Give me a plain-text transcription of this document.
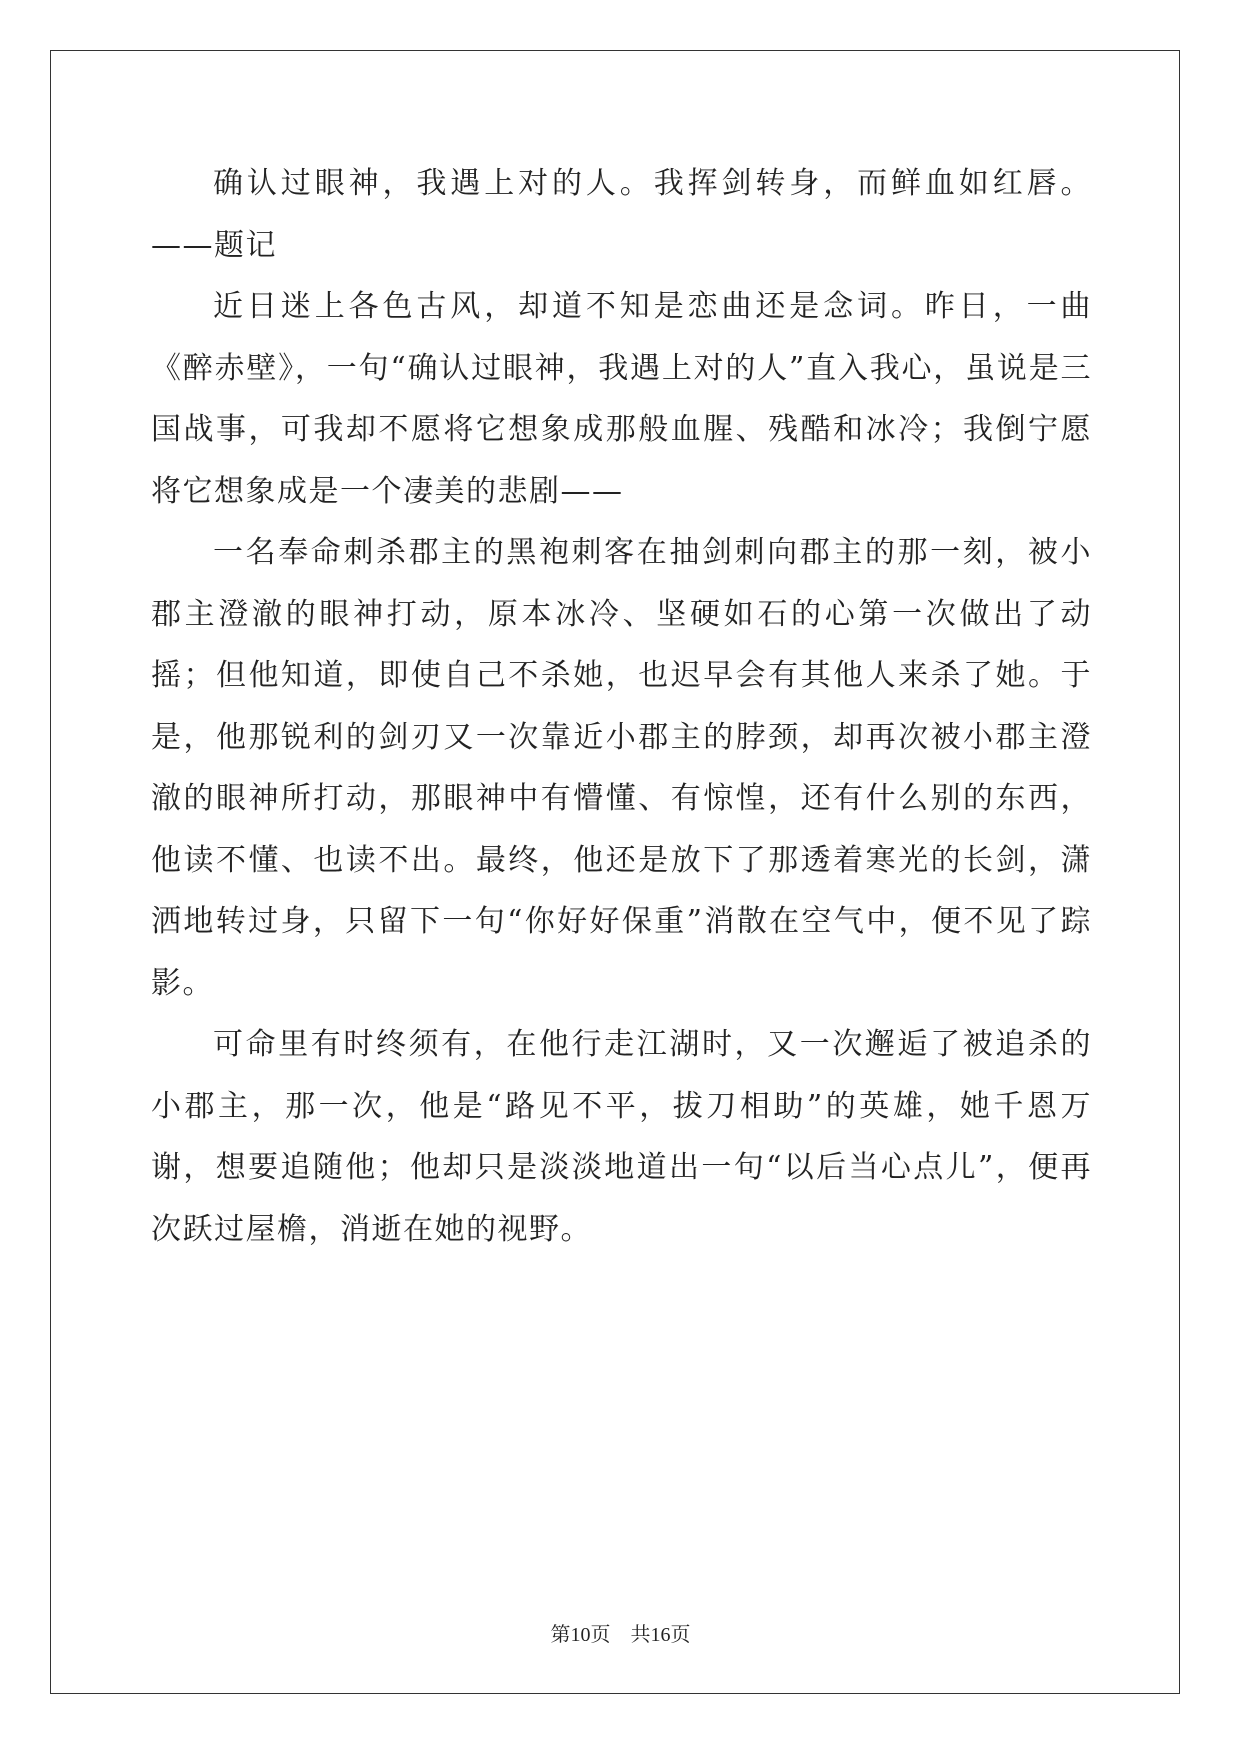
确认过眼神，我遇上对的人。我挥剑转身，而鲜血如红唇。——题记

近日迷上各色古风，却道不知是恋曲还是念词。昨日，一曲《醉赤壁》，一句“确认过眼神，我遇上对的人”直入我心，虽说是三国战事，可我却不愿将它想象成那般血腥、残酷和冰冷；我倒宁愿将它想象成是一个凄美的悲剧——

一名奉命刺杀郡主的黑袍刺客在抽剑刺向郡主的那一刻，被小郡主澄澈的眼神打动，原本冰冷、坚硬如石的心第一次做出了动摇；但他知道，即使自己不杀她，也迟早会有其他人来杀了她。于是，他那锐利的剑刃又一次靠近小郡主的脖颈，却再次被小郡主澄澈的眼神所打动，那眼神中有懵懂、有惊惶，还有什么别的东西，他读不懂、也读不出。最终，他还是放下了那透着寒光的长剑，潇洒地转过身，只留下一句“你好好保重”消散在空气中，便不见了踪影。

可命里有时终须有，在他行走江湖时，又一次邂逅了被追杀的小郡主，那一次，他是“路见不平，拔刀相助”的英雄，她千恩万谢，想要追随他；他却只是淡淡地道出一句“以后当心点儿”，便再次跃过屋檐，消逝在她的视野。

第10页　共16页
